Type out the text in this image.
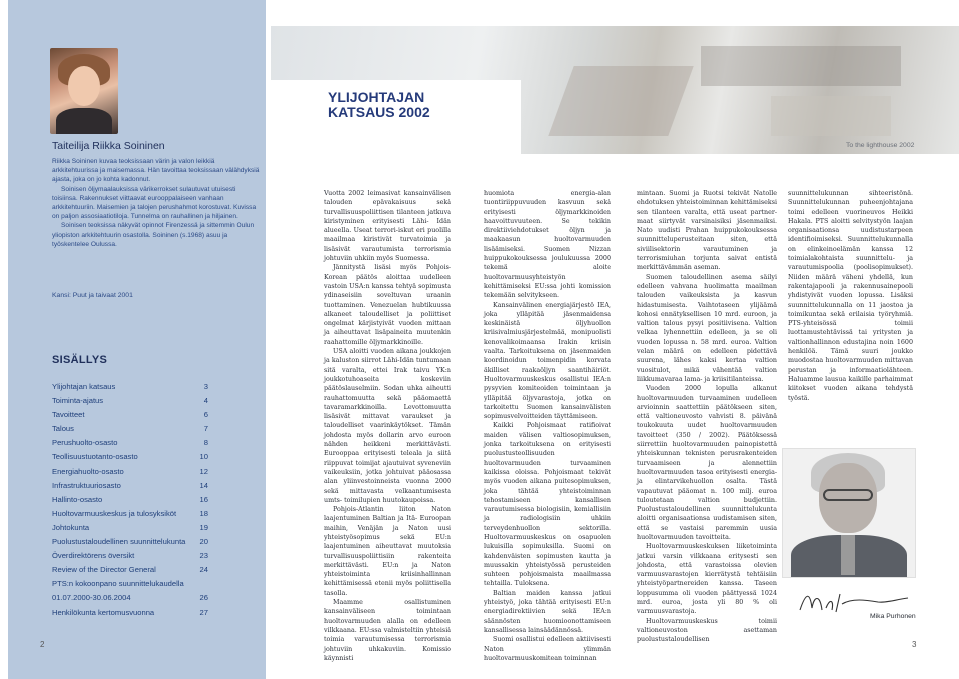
Taiteilija Riikka Soininen

Riikka Soininen kuvaa teoksissaan värin ja valon leikkiä arkkitehtuurissa ja maisemassa. Hän tavoittaa teoksissaan välähdyksiä ajasta, joka on jo kohta kadonnut.

Soinisen öljymaalauksissa värikerrokset sulautuvat utuisesti toisiinsa. Rakennukset viittaavat eurooppalaiseen vanhaan arkkitehtuuriin. Maisemien ja talojen perushahmot korostuvat. Kuvissa on paljon assosiaatiotiloja. Tunnelma on rauhallinen ja hiljainen.

Soinisen teoksissa näkyvät opinnot Firenzessä ja sittemmin Oulun yliopiston arkkitehtuurin osastolla. Soininen (s.1968) asuu ja työskentelee Oulussa.

Kansi: Puut ja taivaat 2001
SISÄLLYS
Ylijohtajan katsaus	3
Toiminta-ajatus	4
Tavoitteet	6
Talous	7
Perushuolto-osasto	8
Teollisuustuotanto-osasto	10
Energiahuolto-osasto	12
Infrastruktuuriosasto	14
Hallinto-osasto	16
Huoltovarmuuskeskus ja tulosyksiköt	18
Johtokunta	19
Puolustustaloudellinen suunnittelukunta 20
Överdirektörens översikt	23
Review of the Director General	24
PTS:n kokoonpano suunnittelukaudella
01.07.2000-30.06.2004	26
Henkilökunta kertomusvuonna	27
2
YLIJOHTAJAN
KATSAUS 2002
To the lighthouse 2002

Vuotta 2002 leimasivat kansainvälisen talouden epävakaisuus sekä turvallisuuspoliittisen tilanteen jatkuva kiristyminen erityisesti Lähi- Idän alueella. Useat terrori-iskut eri puolilla maailmaa kiristivät turvatoimia ja lisäsivät varautumista terrorismia johtuviin uhkiin myös Suomessa.

Jännitystä lisäsi myös Pohjois-Korean päätös aloittaa uudelleen vastoin USA:n kanssa tehtyä sopimusta ydinaseisiin soveltuvan uraanin tuottaminen. Venezuelan hubtikuussa alkaneet taloudelliset ja poliittiset ongelmat kärjistyivät vuoden mittaan ja aiheuttavat lisäpaineita muutenkin raahattomille öljymarkkinoille.

USA aloitti vuoden aikana joukkojen ja kaluston siirrot Lähi-Idän tuntumaan sitä varalta, ettei Irak taivu YK:n joukkotuhoaseita koskeviin päätöslauselmiin. Sodan uhka aiheutti rauhattomuutta sekä pääomaettä tavaramarkkinoilla. Levottomuutta lisäsivät mittavat varaukset ja taloudelliset vaarinkäytökset. Tämän johdosta myös dollarin arvo euroon nähden heikkeni merkittävästi. Eurooppaa erityisesti teleala ja siitä riippuvat toimijat ajautuivat syveneviin vaikeuksiin, jotka johtuivat pääosassa alan yliinvestoinneista vuonna 2000 sekä mittavasta velkaantumisesta umts- toimilupien huutokaupoissa.

Pohjois-Atlantin liiton Naton laajentuminen Baltian ja Itä- Euroopan maihin, Venäjän ja Naton uusi yhteistyösopimus sekä EU:n laajentuminen aiheuttavat muutoksia turvallisuuspoliittisiin rakenteita merkittävästi. EU:n ja Naton yhteistoiminta kriisinhallinnan kehittämisessä etenii myös poliittisella tasolla.

Maamme osallistuminen kansainväliseen toimintaan huoltovarmuuden alalla on edelleen vilkkaana. EU:ssa valmisteltiin yhteisiä toimia varautumisessa terrorismia johtuviin uhkakuviin. Komissio käynnisti

huomiota energia-alan tuontiriippuvuuden kasvuun sekä erityisesti öljymarkkinoiden haavoittuvuuteen. Se tekikin direktiiviehdotukset öljyn ja maakaasun huoltovarmuuden lisäämiseksi. Suomen Nizzan huippukokouksessa joulukuussa 2000 tekemä aloite huoltovarmuusyhteistyön kehittämiseksi EU:ssa johti komission tekemään selvitykseen.

Kansainvälinen energiajärjestö IEA, joka ylläpitää jäsenmaidensa keskinäistä öljyhuollon kriisivalmiusjärjestelmää, monipuolisti kenovalikoimaansa Irakin kriisin vaalta. Tarkoituksena on jäsenmaiden koordinoidun toimenpidin korvata äkilliset raakaöljyn saantihäiriöt. Huoltovarmuuskeskus osallistui IEA:n pysyvien komiteoiden toimintaan ja ylläpitää öljyvarastoja, jotka on tarkoitettu Suomen kansainvälisten sopimusvelvoitteiden täyttämiseen.

Kaikki Pohjoismaat ratifioivat maiden välisen valtiosopimuksen, jonka tarkoituksena on erityisesti puolustusteollisuuden huoltovarmuuden turvaaminen kaikissa oloissa. Pohjoismaat tekivät myös vuoden aikana puitesopimuksen, joka tähtää yhteistoiminnan tehostamiseen kansallisen varautumisessa biologisiin, kemiallisiin ja radiologisiin uhkiin terveydenhuollon sektorilla. Huoltovarmuuskeskus on osapuolen lukuisilla sopimuksilla. Suomi on kahdenväisten sopimusten kautta ja muussakin yhteistyössä perusteiden suhteen pohjoismaista maailmassa tehtailla. Tuloksena.

Baltian maiden kanssa jatkui yhteistyö, joka tähtää erityisesti EU:n energiadirektiivien sekä IEA:n säännösten huomioonottamiseen kansallisessa lainsäädännössä.

Suomi osallistui edelleen aktiivisesti Naton ylimmän huoltovarmuuskomitean toiminnan

mintaan. Suomi ja Ruotsi tekivät Natolle ehdotuksen yhteistoiminnan kehittämiseksi sen tilanteen varalta, että useat partner- maat siirtyvät varsinaisiksi jäsenmaiksi. Nato uudisti Prahan huippukokouksessa suunnitteluperusteitaan siten, että siviilisektorin varautuminen ja terrorismiuhan torjunta saivat entistä merkittävämmän aseman.

Suomen taloudellinen asema säilyi edelleen vahvana huolimatta maailman talouden vaikeuksista ja kasvun hidastumisesta. Vaihtotaseen ylijäämä kohosi ennätyksellisen 10 mrd. euroon, ja valtion talous pysyi positiivisena. Valtion velkaa lyhennettiin edelleen, ja se oli vuoden lopussa n. 58 mrd. euroa. Valtion velan määrä on edelleen pidettävä suurena, lähes kaksi kertaa valtion vuositulot, mikä vähentää valtion liikkumavaraa lama- ja kriisitilanteissa.

Vuoden 2000 lopulla alkanut huoltovarmuuden turvaaminen uudelleen arvioinnin saattettiin päätökseen siten, että valtioneuvosto vahvisti 8. päivänä toukokuuta uudet huoltovarmuuden tavoitteet (350 / 2002). Päätöksessä siirrettiin huoltovarmuuden painopistettä yhteiskunnan teknisten perusrakenteiden turvaamiseen ja alennettiin huoltovarmuuden tasoa erityisesti energia- ja elintarvikehuollon osalta. Tästä vapautuvat pääomat n. 100 milj. euroa tuloutetaan valtion budjettiin. Puolustustaloudellinen suunnittelukunta aloitti organisaationsa uudistamisen siten, että se vastaisi paremmin uusia huoltovarmuuden tavoitteita.

Huoltovarmuuskeskuksen liiketoiminta jatkui varsin vilkkaana eritysesti sen johdosta, että varastoissa olevien varmuusvarastojen kierrätystä tehtäisiin yhteistyöpartnereiden kanssa. Taseen loppusumma oli vuoden päättyessä 1024 mrd. euroa, josta yli 80 % oli varmuusvarastoja.

Huoltovarmuuskeskus toimii valtioneuvoston asettaman puolustustaloudellisen

suunnittelukunnan sihteeristönä. Suunnittelukunnan puheenjohtajana toimi edelleen vuorineuvos Heikki Hakala. PTS aloitti selvitystyön laajan organisaationsa uudistustarpeen identifioimiseksi. Suunnittelukunnalla on elinkeinoelämän kanssa 12 toimialakohtaista suunnittelu- ja varautumispoolia (poolisopimukset). Niiden määrä väheni yhdellä, kun rakentajapooli ja rakennusainepooli yhdistyivät vuoden lopussa. Lisäksi suunnittelukunnalla on 11 jaostoa ja toimikuntaa sekä erilaisia työryhmiä. PTS-yhteisössä toimii luottamustehtävissä tai yritysten ja valtionhallinnon edustajina noin 1600 henkilöä. Tämä suuri joukko muodostaa huoltovarmuuden mittavan perustan ja informaatiolähteen. Haluamme lausua kaikille parhaimmat kiitokset vuoden aikana tehdystä työstä.

Mika Purhonen
3
